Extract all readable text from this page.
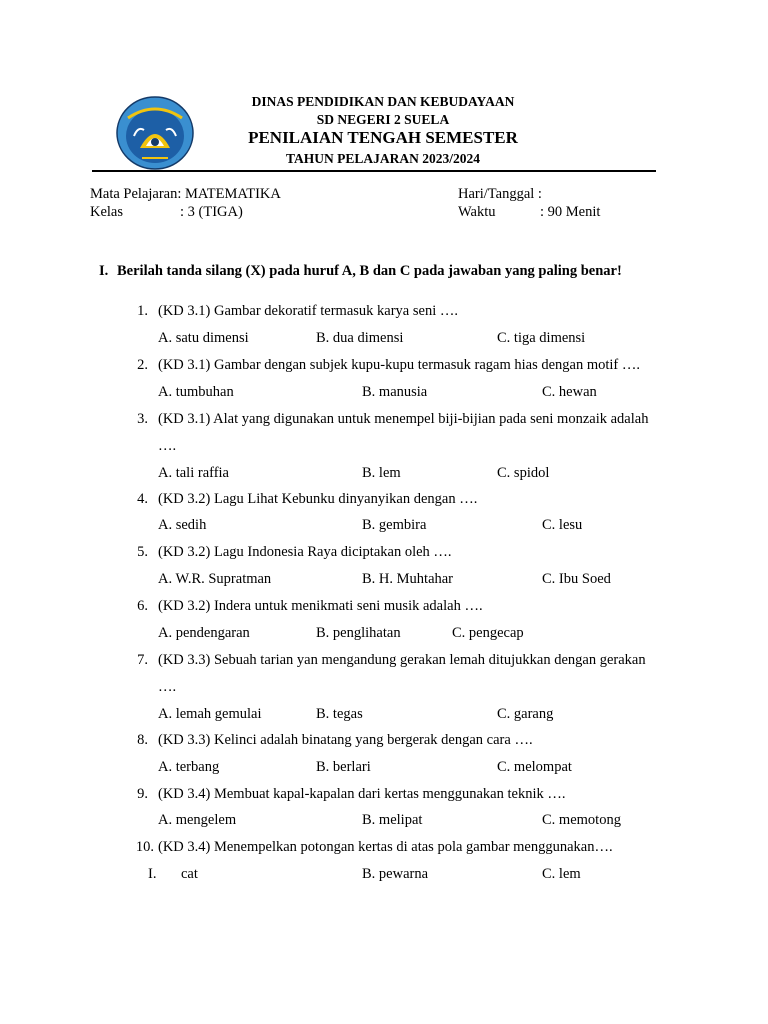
DINAS PENDIDIKAN DAN KEBUDAYAAN
SD NEGERI 2 SUELA
PENILAIAN TENGAH SEMESTER
TAHUN PELAJARAN 2023/2024
Mata Pelajaran: MATEMATIKA
Kelas	: 3 (TIGA)
Hari/Tanggal :
Waktu	: 90 Menit
I. Berilah tanda silang (X) pada huruf A, B dan C pada jawaban yang paling benar!
1. (KD 3.1) Gambar dekoratif termasuk karya seni ….
A. satu dimensi	B. dua dimensi	C. tiga dimensi
2. (KD 3.1) Gambar dengan subjek kupu-kupu termasuk ragam hias dengan motif ….
A. tumbuhan	B. manusia	C. hewan
3. (KD 3.1) Alat yang digunakan untuk menempel biji-bijian pada seni monzaik adalah
….
A. tali raffia	B. lem	C. spidol
4. (KD 3.2) Lagu Lihat Kebunku dinyanyikan dengan ….
A. sedih	B. gembira	C. lesu
5. (KD 3.2) Lagu Indonesia Raya diciptakan oleh ….
A. W.R. Supratman	B. H. Muhtahar	C. Ibu Soed
6. (KD 3.2) Indera untuk menikmati seni musik adalah ….
A. pendengaran	B. penglihatan	C. pengecap
7. (KD 3.3) Sebuah tarian yan mengandung gerakan lemah ditujukkan dengan gerakan
….
A. lemah gemulai	B. tegas	C. garang
8. (KD 3.3) Kelinci adalah binatang yang bergerak dengan cara ….
A. terbang	B. berlari	C. melompat
9. (KD 3.4) Membuat kapal-kapalan dari kertas menggunakan teknik ….
A. mengelem	B. melipat	C. memotong
10. (KD 3.4) Menempelkan potongan kertas di atas pola gambar menggunakan….
I. cat	B. pewarna	C. lem
